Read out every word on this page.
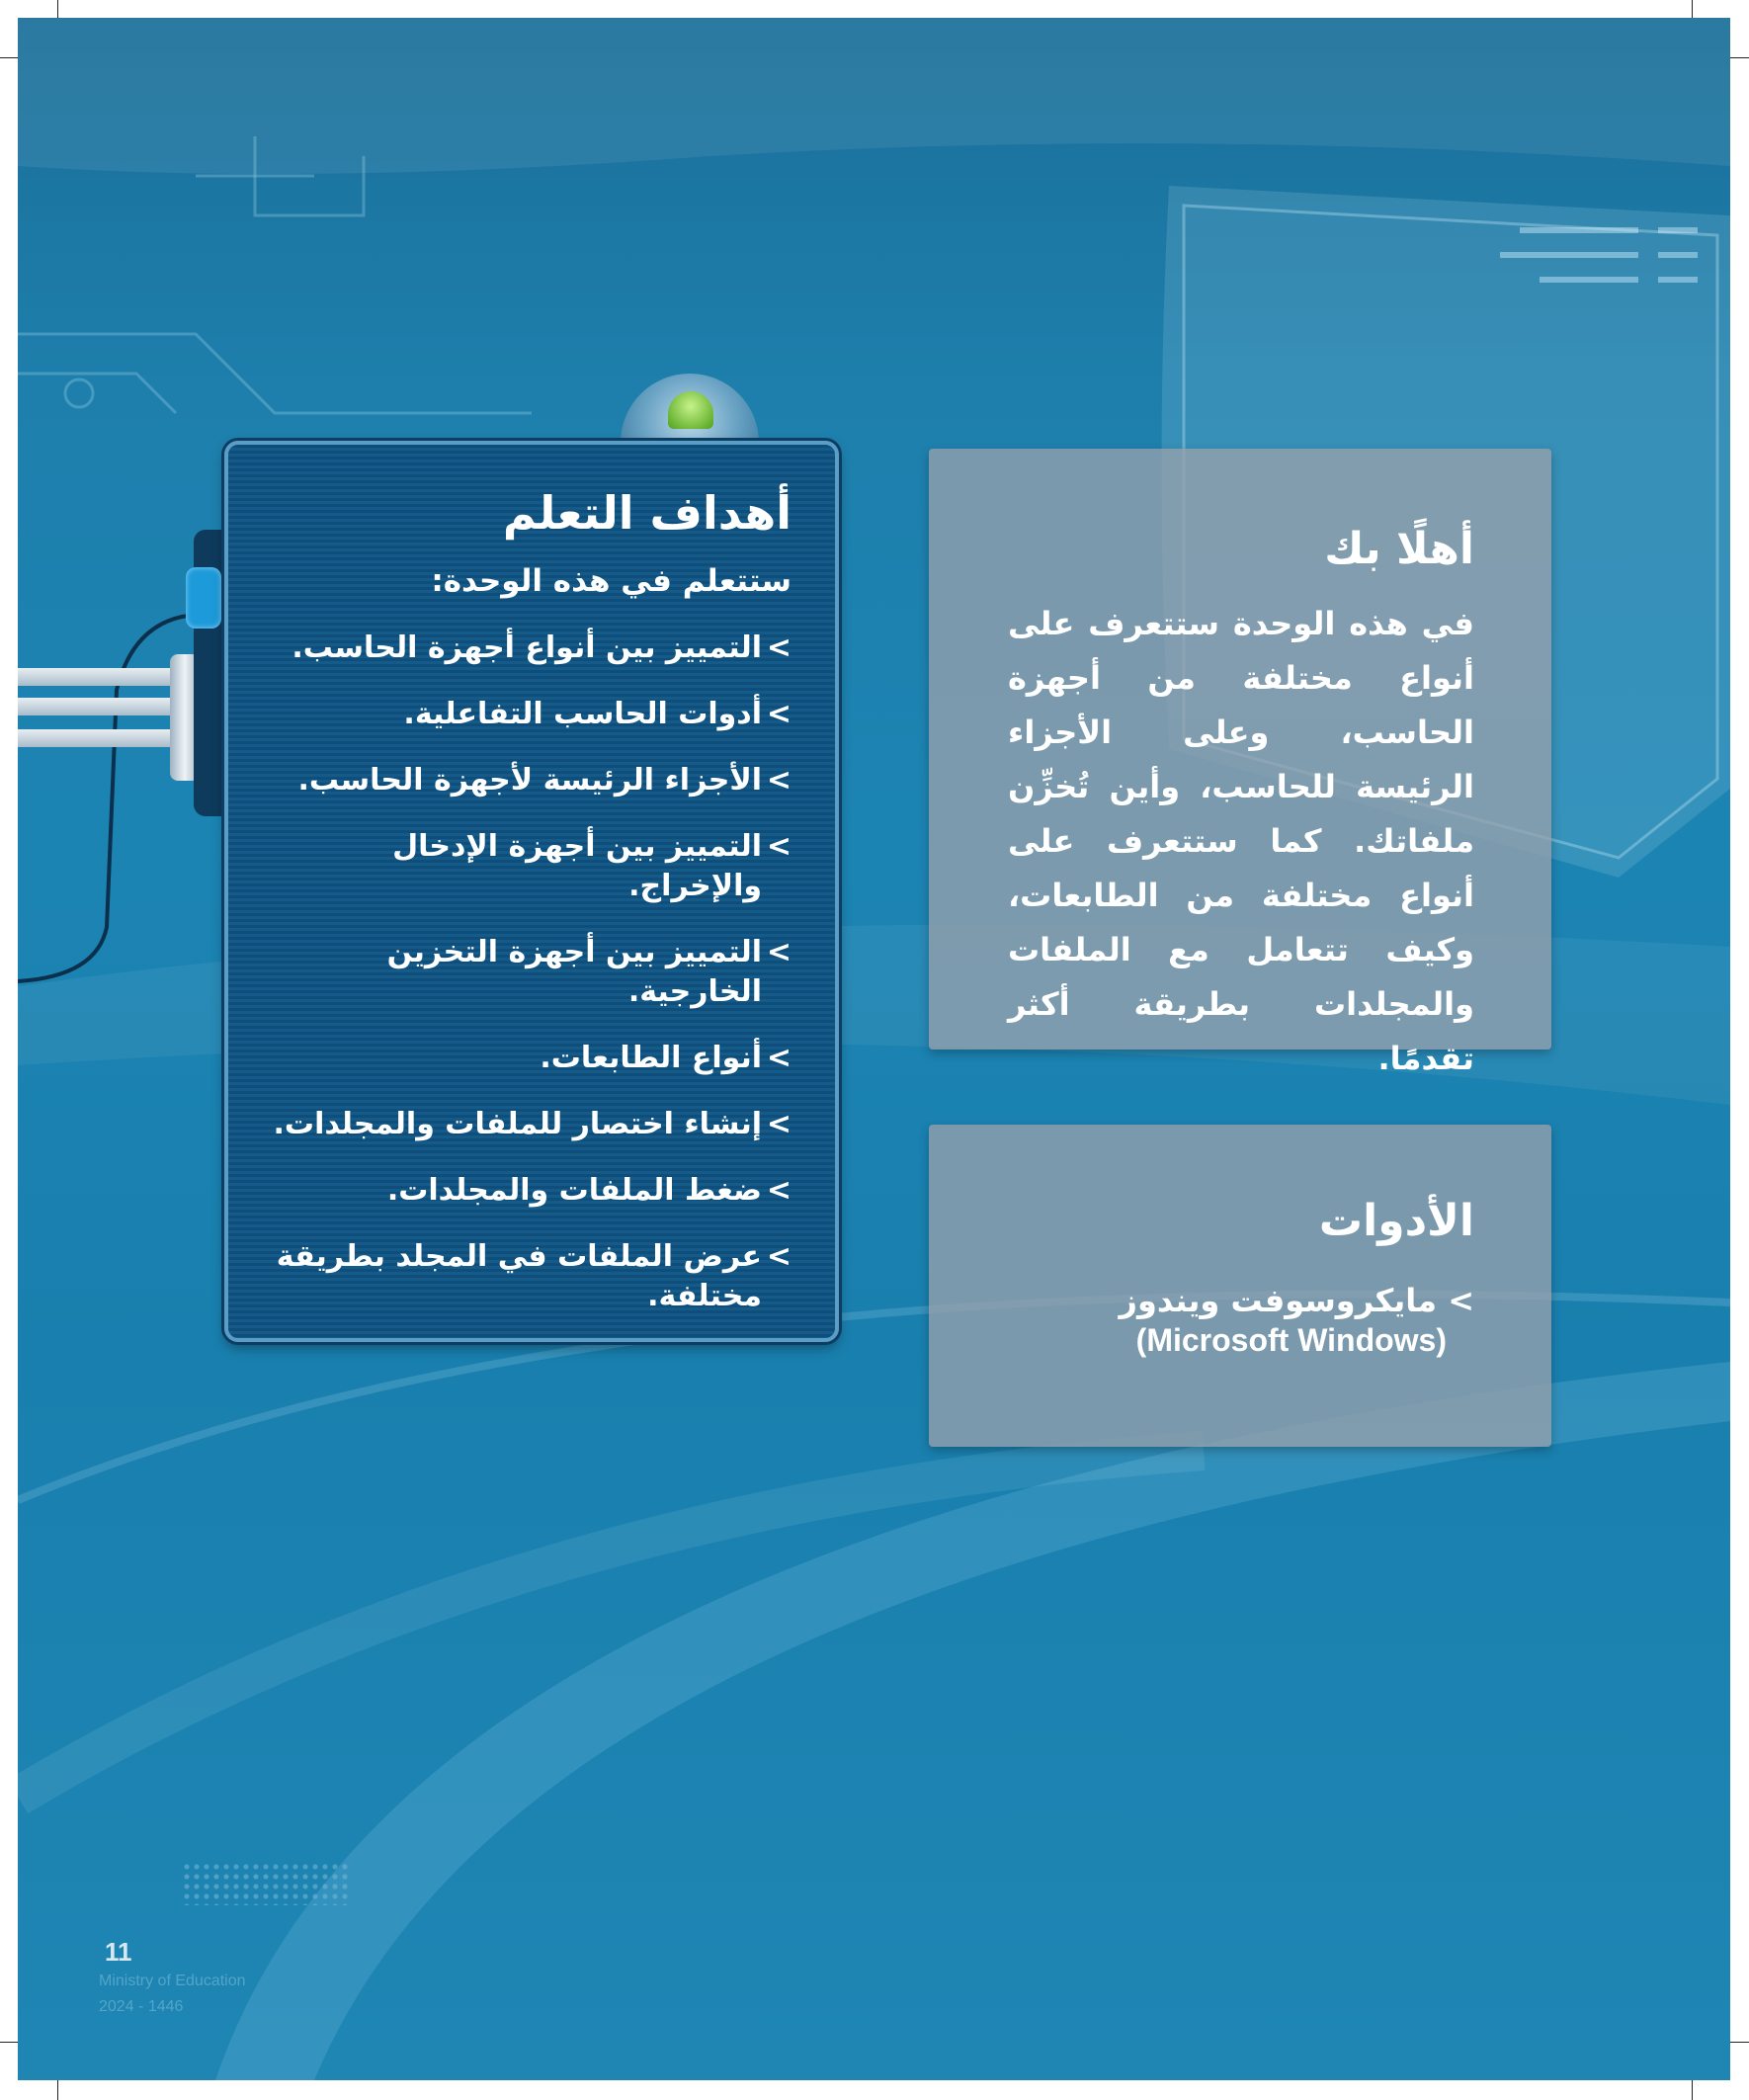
أهداف التعلم

ستتعلم في هذه الوحدة:

>
التمييز بين أنواع أجهزة الحاسب.
>
أدوات الحاسب التفاعلية.
>
الأجزاء الرئيسة لأجهزة الحاسب.
>
التمييز بين أجهزة الإدخال والإخراج.
>
التمييز بين أجهزة التخزين الخارجية.
>
أنواع الطابعات.
>
إنشاء اختصار للملفات والمجلدات.
>
ضغط الملفات والمجلدات.
>
عرض الملفات في المجلد بطريقة مختلفة.
أهلًا بك

في هذه الوحدة ستتعرف على أنواع مختلفة من أجهزة الحاسب، وعلى الأجزاء الرئيسة للحاسب، وأين تُخزِّن ملفاتك. كما ستتعرف على أنواع مختلفة من الطابعات، وكيف تتعامل مع الملفات والمجلدات بطريقة أكثر تقدمًا.

الأدوات
> مايكروسوفت ويندوز
(Microsoft Windows)
11
Ministry of Education
2024 - 1446
